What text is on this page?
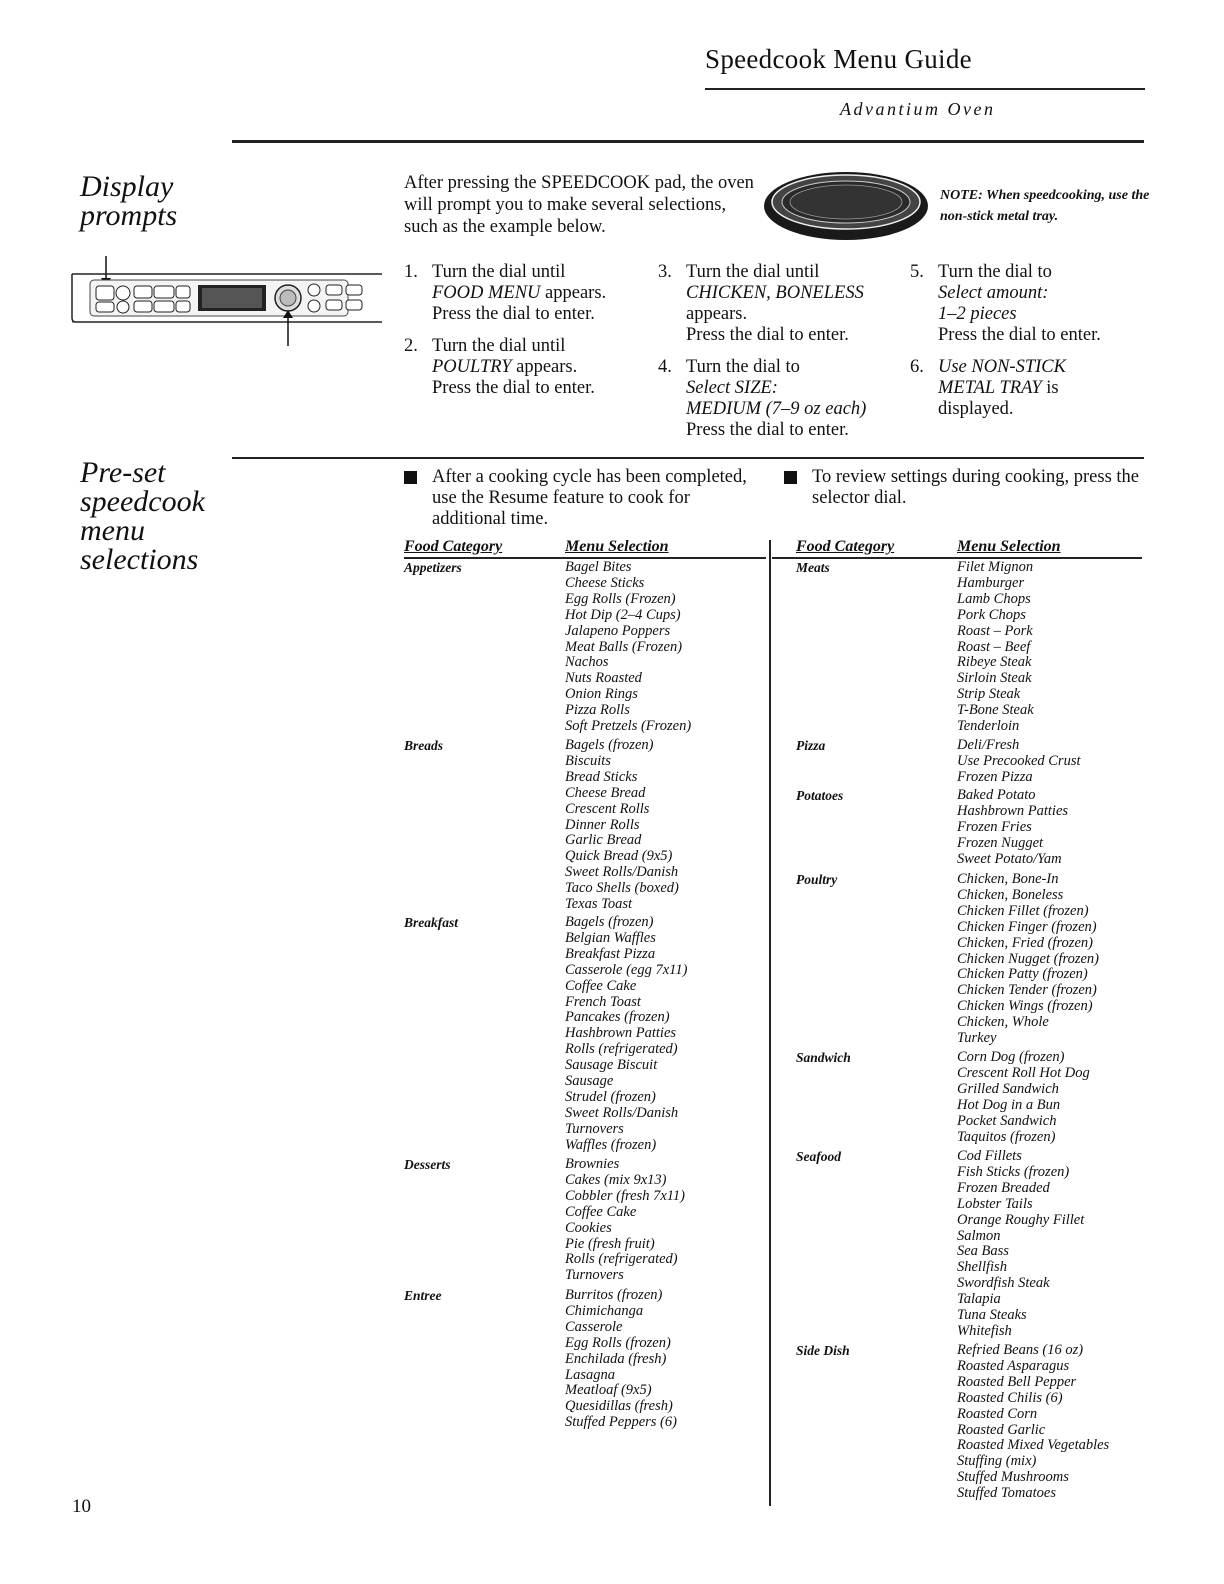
Speedcook Menu Guide
Advantium Oven
Display
prompts
After pressing the SPEEDCOOK pad, the oven will prompt you to make several selections, such as the example below.
NOTE: When speedcooking, use the non-stick metal tray.
1. Turn the dial until
FOOD MENU appears.
Press the dial to enter.
2. Turn the dial until
POULTRY appears.
Press the dial to enter.
3. Turn the dial until
CHICKEN, BONELESS
appears.
Press the dial to enter.
4. Turn the dial to
Select SIZE:
MEDIUM (7–9 oz each)
Press the dial to enter.
5. Turn the dial to
Select amount:
1–2 pieces
Press the dial to enter.
6. Use NON-STICK
METAL TRAY is
displayed.
Pre-set
speedcook
menu
selections
After a cooking cycle has been completed, use the Resume feature to cook for additional time.
To review settings during cooking, press the selector dial.
Food Category	Menu Selection	Food Category	Menu Selection
Appetizers	Bagel Bites
Cheese Sticks
Egg Rolls (Frozen)
Hot Dip (2–4 Cups)
Jalapeno Poppers
Meat Balls (Frozen)
Nachos
Nuts Roasted
Onion Rings
Pizza Rolls
Soft Pretzels (Frozen)
Breads	Bagels (frozen)
Biscuits
Bread Sticks
Cheese Bread
Crescent Rolls
Dinner Rolls
Garlic Bread
Quick Bread (9x5)
Sweet Rolls/Danish
Taco Shells (boxed)
Texas Toast
Breakfast	Bagels (frozen)
Belgian Waffles
Breakfast Pizza
Casserole (egg 7x11)
Coffee Cake
French Toast
Pancakes (frozen)
Hashbrown Patties
Rolls (refrigerated)
Sausage Biscuit
Sausage
Strudel (frozen)
Sweet Rolls/Danish
Turnovers
Waffles (frozen)
Desserts	Brownies
Cakes (mix 9x13)
Cobbler (fresh 7x11)
Coffee Cake
Cookies
Pie (fresh fruit)
Rolls (refrigerated)
Turnovers
Entree	Burritos (frozen)
Chimichanga
Casserole
Egg Rolls (frozen)
Enchilada (fresh)
Lasagna
Meatloaf (9x5)
Quesidillas (fresh)
Stuffed Peppers (6)
Meats	Filet Mignon
Hamburger
Lamb Chops
Pork Chops
Roast – Pork
Roast – Beef
Ribeye Steak
Sirloin Steak
Strip Steak
T-Bone Steak
Tenderloin
Pizza	Deli/Fresh
Use Precooked Crust
Frozen Pizza
Potatoes	Baked Potato
Hashbrown Patties
Frozen Fries
Frozen Nugget
Sweet Potato/Yam
Poultry	Chicken, Bone-In
Chicken, Boneless
Chicken Fillet (frozen)
Chicken Finger (frozen)
Chicken, Fried (frozen)
Chicken Nugget (frozen)
Chicken Patty (frozen)
Chicken Tender (frozen)
Chicken Wings (frozen)
Chicken, Whole
Turkey
Sandwich	Corn Dog (frozen)
Crescent Roll Hot Dog
Grilled Sandwich
Hot Dog in a Bun
Pocket Sandwich
Taquitos (frozen)
Seafood	Cod Fillets
Fish Sticks (frozen)
Frozen Breaded
Lobster Tails
Orange Roughy Fillet
Salmon
Sea Bass
Shellfish
Swordfish Steak
Talapia
Tuna Steaks
Whitefish
Side Dish	Refried Beans (16 oz)
Roasted Asparagus
Roasted Bell Pepper
Roasted Chilis (6)
Roasted Corn
Roasted Garlic
Roasted Mixed Vegetables
Stuffing (mix)
Stuffed Mushrooms
Stuffed Tomatoes
10
